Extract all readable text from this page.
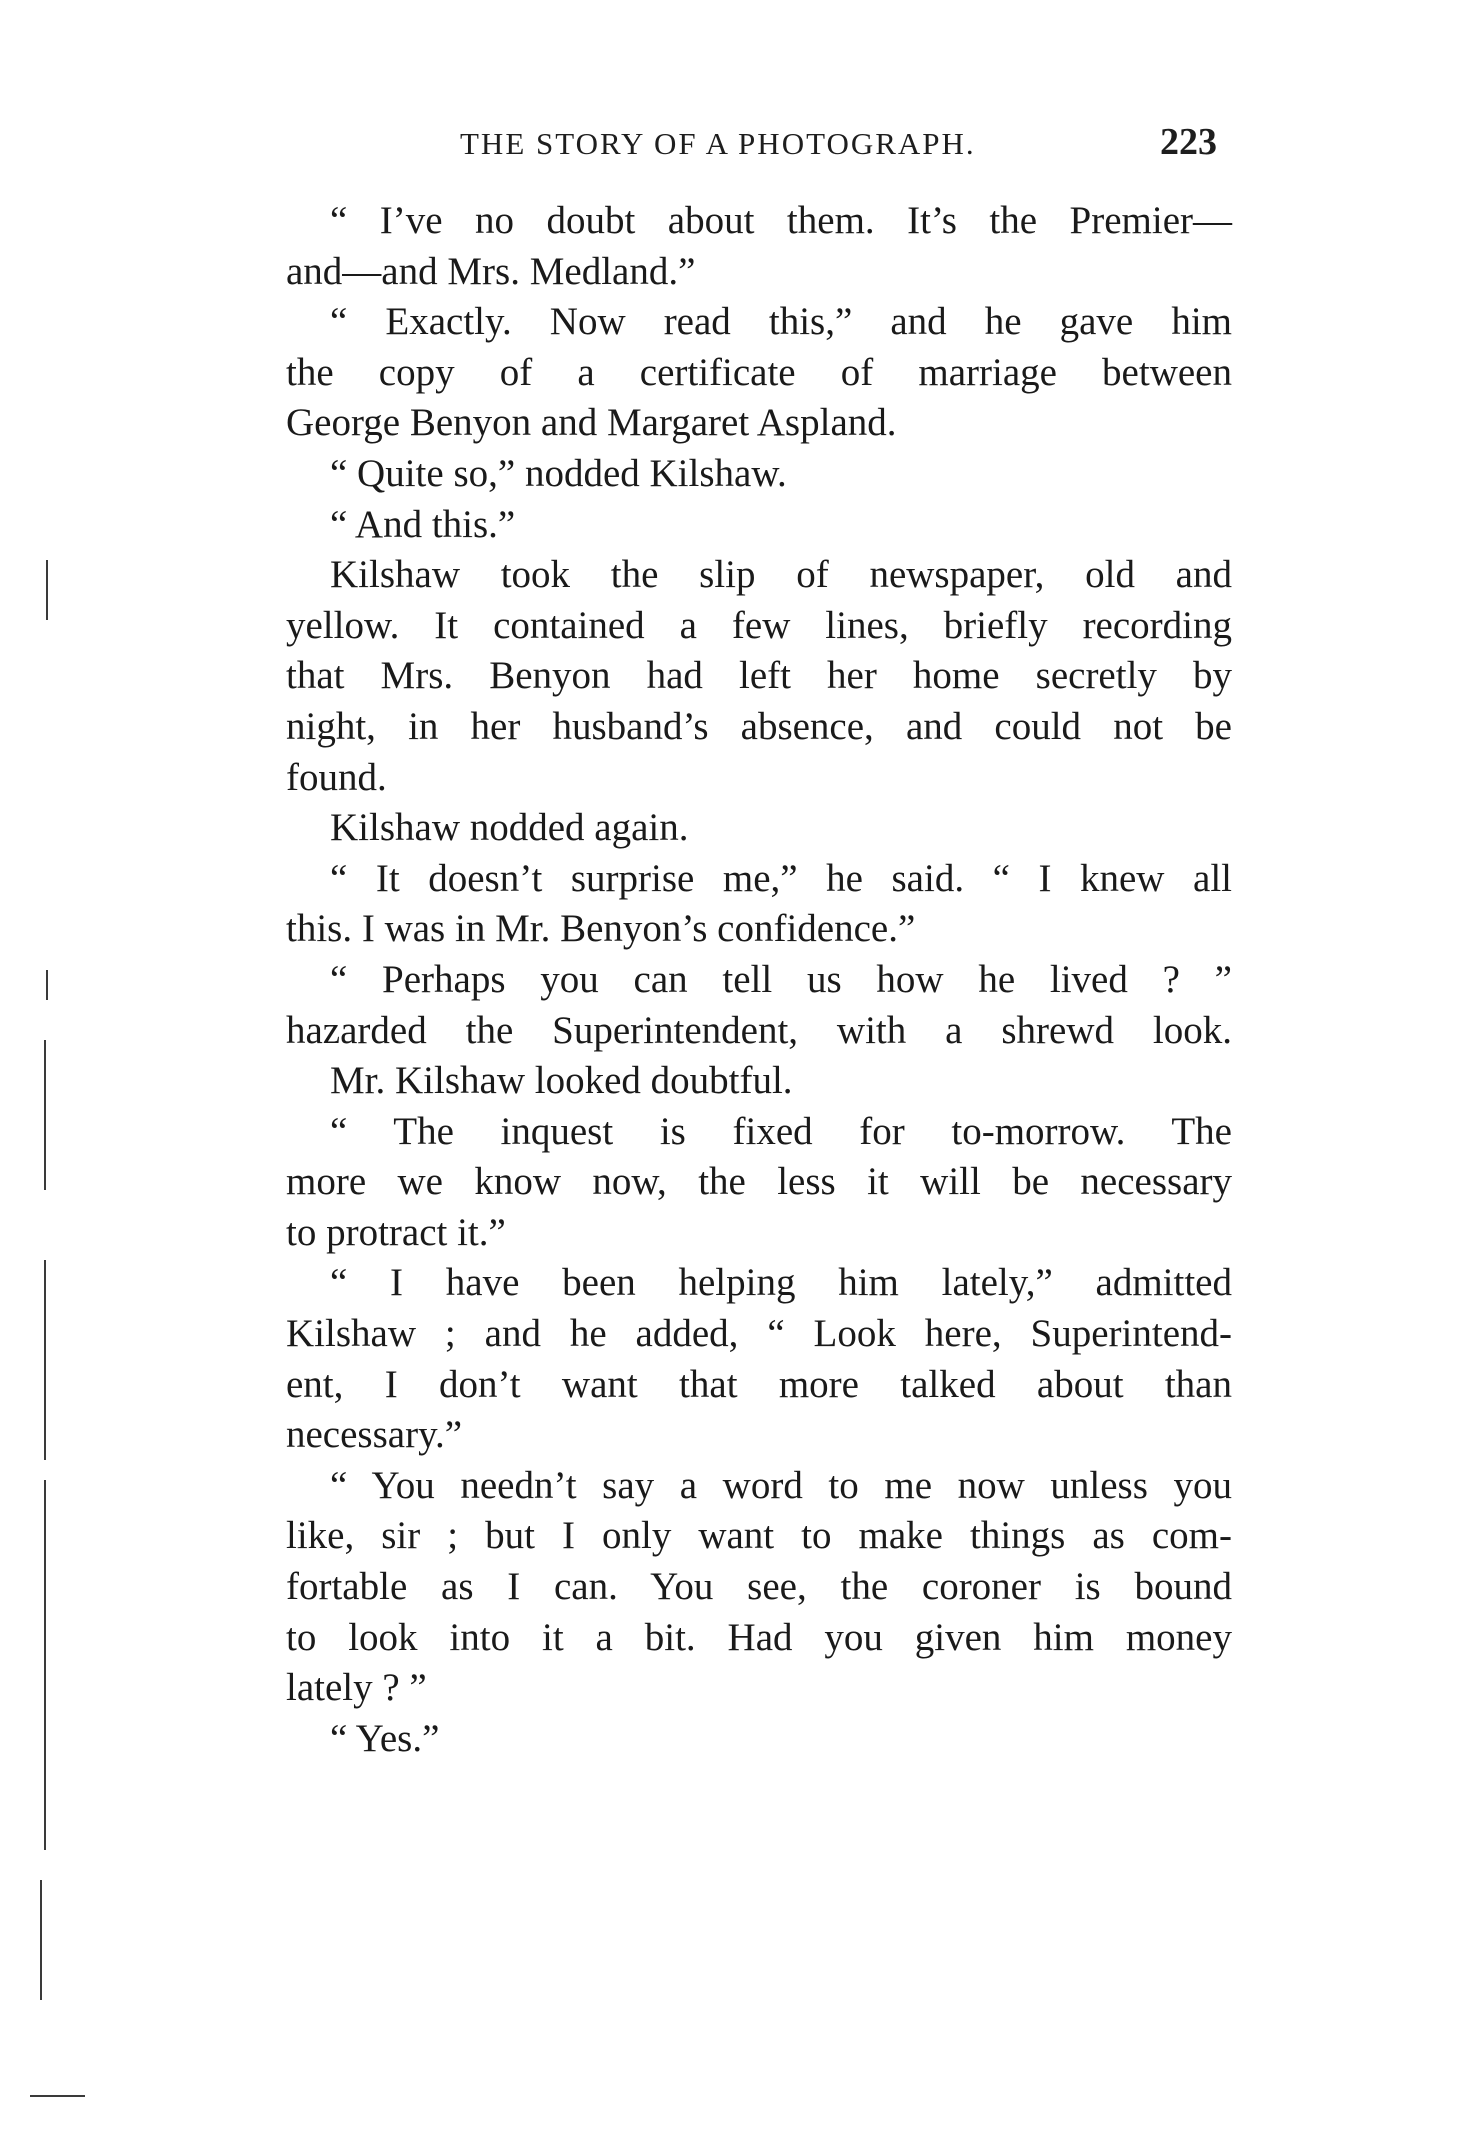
THE STORY OF A PHOTOGRAPH.	223
“ I’ve no doubt about them. It’s the Premier—
and—and Mrs. Medland.”
“ Exactly. Now read this,” and he gave him
the copy of a certificate of marriage between
George Benyon and Margaret Aspland.
“ Quite so,” nodded Kilshaw.
“ And this.”
Kilshaw took the slip of newspaper, old and
yellow. It contained a few lines, briefly recording
that Mrs. Benyon had left her home secretly by
night, in her husband’s absence, and could not be
found.
Kilshaw nodded again.
“ It doesn’t surprise me,” he said. “ I knew all
this. I was in Mr. Benyon’s confidence.”
“ Perhaps you can tell us how he lived ? ”
hazarded the Superintendent, with a shrewd look.
Mr. Kilshaw looked doubtful.
“ The inquest is fixed for to-morrow. The
more we know now, the less it will be necessary
to protract it.”
“ I have been helping him lately,” admitted
Kilshaw ; and he added, “ Look here, Superintend-
ent, I don’t want that more talked about than
necessary.”
“ You needn’t say a word to me now unless you
like, sir ; but I only want to make things as com-
fortable as I can. You see, the coroner is bound
to look into it a bit. Had you given him money
lately ? ”
“ Yes.”
